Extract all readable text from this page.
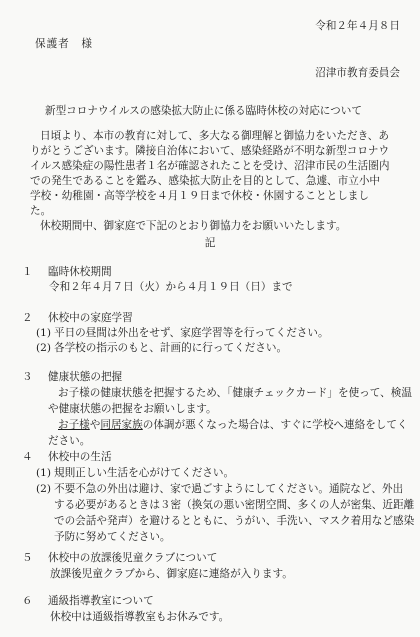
令和２年４月８日
保護者　様
沼津市教育委員会
新型コロナウイルスの感染拡大防止に係る臨時休校の対応について

日頃より、本市の教育に対して、多大なる御理解と御協力をいただき、ありがとうございます。隣接自治体において、感染経路が不明な新型コロナウイルス感染症の陽性患者１名が確認されたことを受け、沼津市民の生活圏内での発生であることを鑑み、感染拡大防止を目的として、急遽、市立小中学校・幼稚園・高等学校を４月１９日まで休校・休園することとしました。

休校期間中、御家庭で下記のとおり御協力をお願いいたします。

記
１ 臨時休校期間
令和２年４月７日（火）から４月１９日（日）まで
２ 休校中の家庭学習
(1) 平日の昼間は外出をせず、家庭学習等を行ってください。
(2) 各学校の指示のもと、計画的に行ってください。
３ 健康状態の把握
お子様の健康状態を把握するため、「健康チェックカード」を使って、検温
や健康状態の把握をお願いします。
お子様や同居家族の体調が悪くなった場合は、すぐに学校へ連絡をしてく
ださい。
４ 休校中の生活
(1) 規則正しい生活を心がけてください。
(2) 不要不急の外出は避け、家で過ごすようにしてください。通院など、外出
する必要があるときは３密（換気の悪い密閉空間、多くの人が密集、近距離
での会話や発声）を避けるとともに、うがい、手洗い、マスク着用など感染
予防に努めてください。
５ 休校中の放課後児童クラブについて
放課後児童クラブから、御家庭に連絡が入ります。
６ 通級指導教室について
休校中は通級指導教室もお休みです。
